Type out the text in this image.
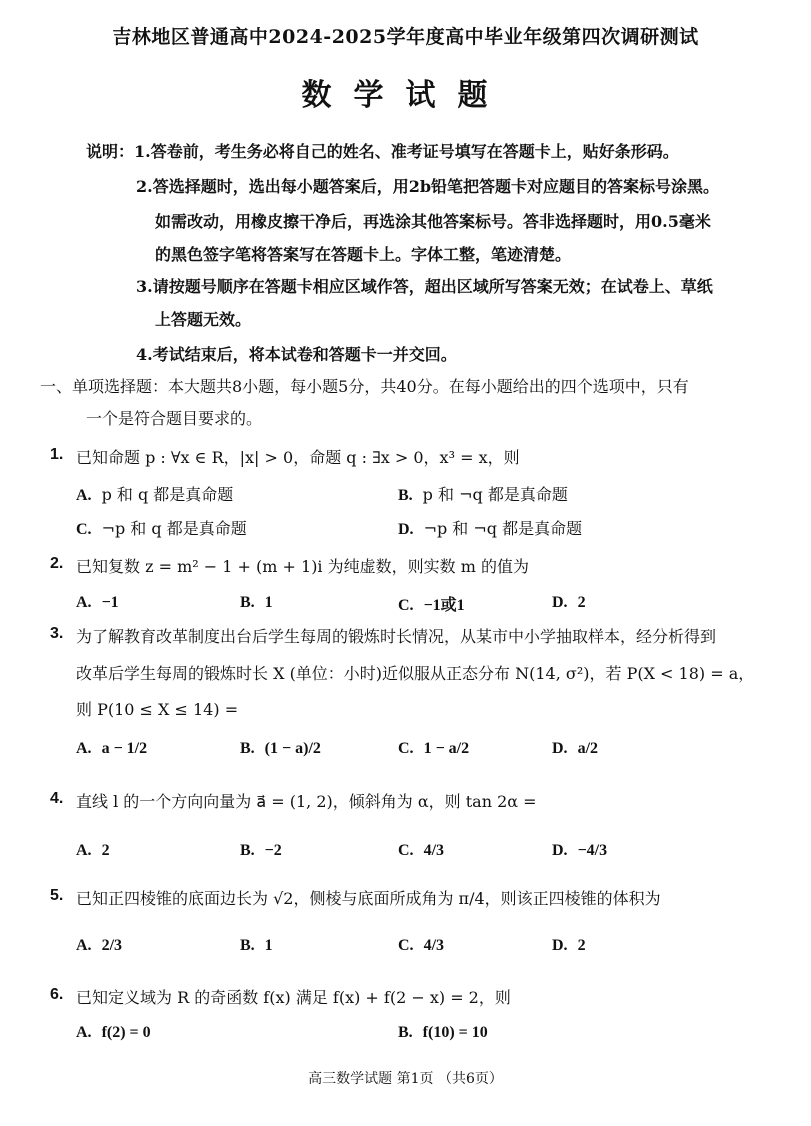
吉林地区普通高中2024-2025学年度高中毕业年级第四次调研测试
数学试题
说明：1.答卷前，考生务必将自己的姓名、准考证号填写在答题卡上，贴好条形码。
2.答选择题时，选出每小题答案后，用2b铅笔把答题卡对应题目的答案标号涂黑。
如需改动，用橡皮擦干净后，再选涂其他答案标号。答非选择题时，用0.5毫米
的黑色签字笔将答案写在答题卡上。字体工整，笔迹清楚。
3.请按题号顺序在答题卡相应区域作答，超出区域所写答案无效；在试卷上、草纸
上答题无效。
4.考试结束后，将本试卷和答题卡一并交回。
一、单项选择题：本大题共8小题，每小题5分，共40分。在每小题给出的四个选项中，只有
一个是符合题目要求的。
1. 已知命题 p : ∀x ∈ R，|x| > 0，命题 q : ∃x > 0，x³ = x，则
A. p 和 q 都是真命题	B. p 和 ¬q 都是真命题
C. ¬p 和 q 都是真命题	D. ¬p 和 ¬q 都是真命题
2. 已知复数 z = m² − 1 + (m + 1)i 为纯虚数，则实数 m 的值为
A. −1	B. 1	C. −1或1	D. 2
3. 为了解教育改革制度出台后学生每周的锻炼时长情况，从某市中小学抽取样本，经分析得到
改革后学生每周的锻炼时长 X (单位：小时)近似服从正态分布 N(14, σ²)，若 P(X < 18) = a，
则 P(10 ≤ X ≤ 14) =
A. a − 1/2	B. (1 − a)/2	C. 1 − a/2	D. a/2
4. 直线 l 的一个方向向量为 a⃗ = (1, 2)，倾斜角为 α，则 tan 2α =
A. 2	B. −2	C. 4/3	D. −4/3
5. 已知正四棱锥的底面边长为 √2，侧棱与底面所成角为 π/4，则该正四棱锥的体积为
A. 2/3	B. 1	C. 4/3	D. 2
6. 已知定义域为 R 的奇函数 f(x) 满足 f(x) + f(2 − x) = 2，则
A. f(2) = 0	B. f(10) = 10
高三数学试题 第1页 （共6页）
